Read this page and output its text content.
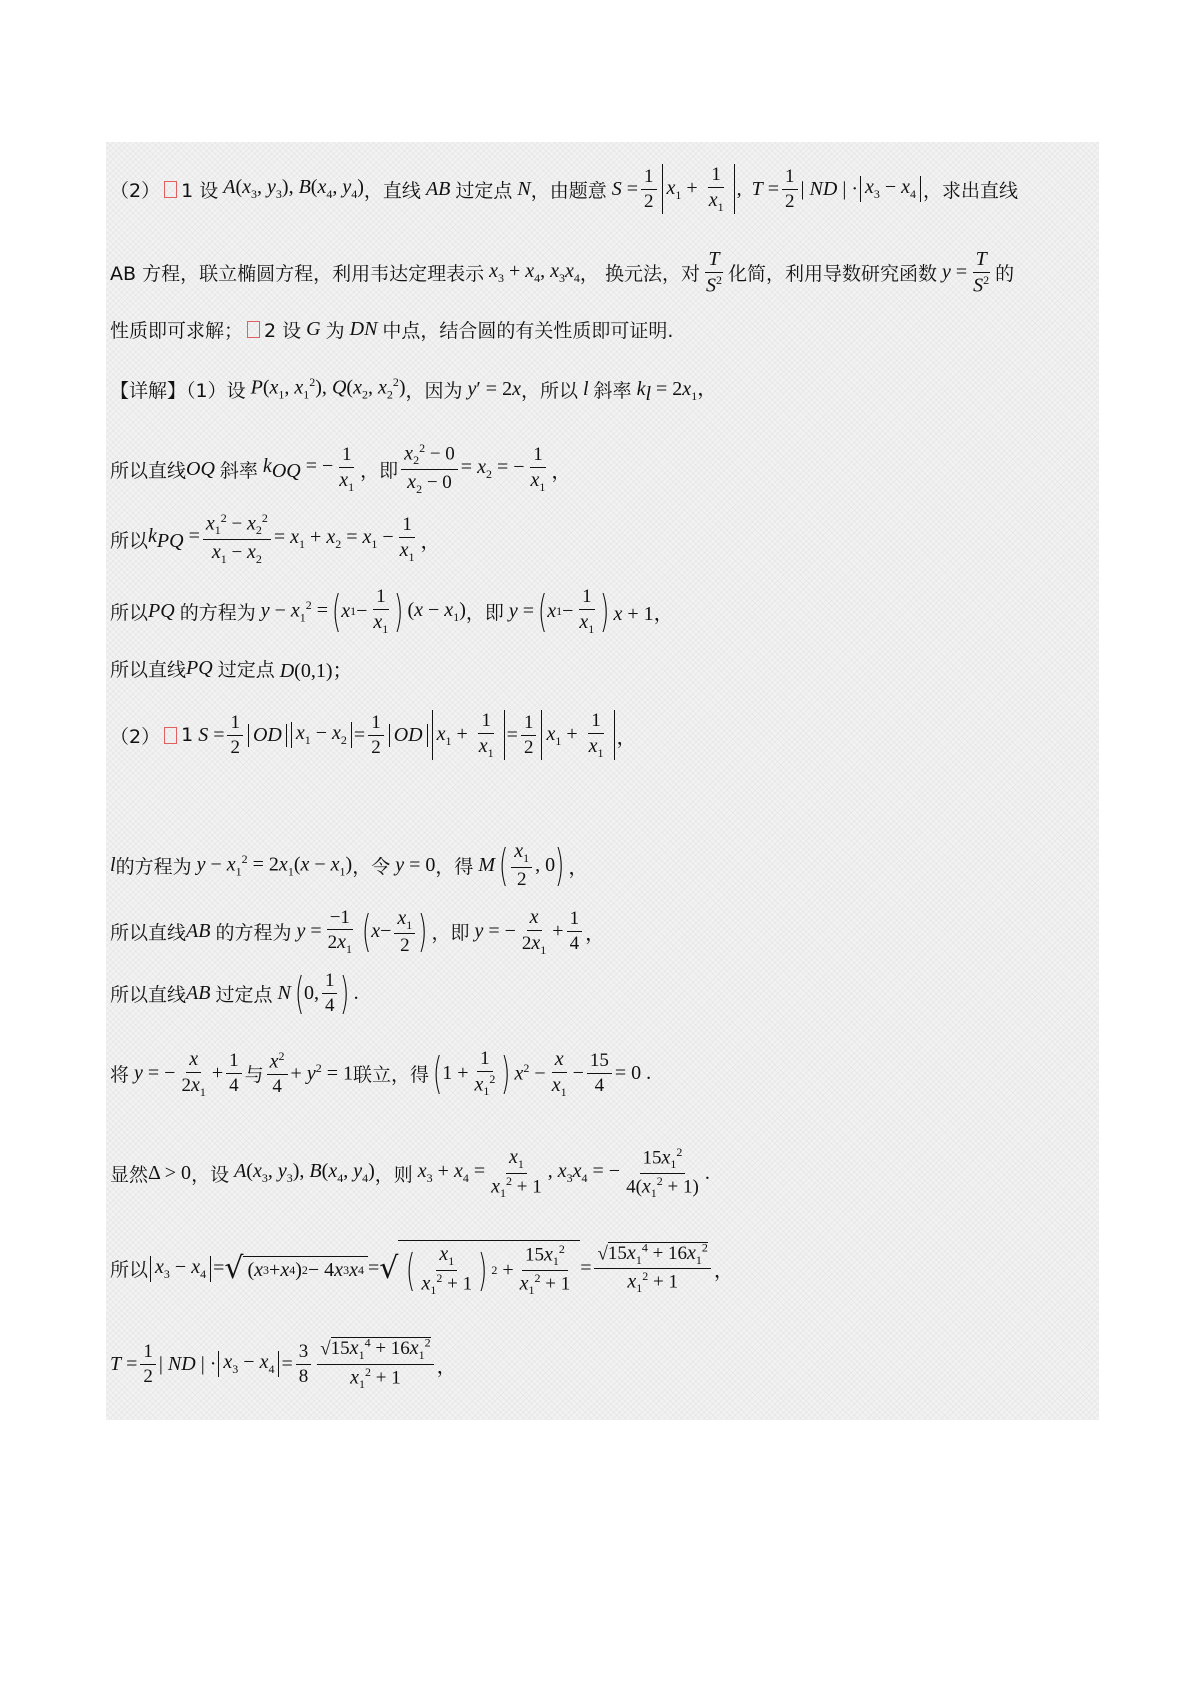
（2） 1 设 $A(x_3$, $y_3$), $B(x_4$, $y_4$) ，直线 AB 过定点 N ，由题意 $S = \frac{1}{2} x_1 + \frac{1}{x_1}$ ,  $T = \frac{1}{2}$ | ND | · $x_3 - x_4$ ，求出直线
AB 方程，联立椭圆方程，利用韦达定理表示 $x_3 + x_4$, $x_3x_4$ ， 换元法，对 $\frac{T}{S^2}$ 化简，利用导数研究函数 $y = \frac{T}{S^2}$ 的
性质即可求解； 2 设 G 为 DN 中点，结合圆的有关性质即可证明.
【详解】（1）设 $P(x_1$, $x_1^2$), $Q(x_2$, $x_2^2$) ，因为 y′ = 2x ，所以 l 斜率 $k_l = 2x_1$，
所以直线 OQ 斜率 $k_{OQ}$ = − $\frac{1}{x_1}$ ，即 $\frac{x_2^2 - 0}{x_2 - 0} = x_2$ = − $\frac{1}{x_1}$ ，
所以 $k_{PQ} = \frac{x_1^2 - x_2^2}{x_1 - x_2} = x_1 + x_2 = x_1 - \frac{1}{x_1}$ ，
所以 PQ 的方程为 $y - x_1^2$ = ( x $1 - \frac{1}{x_1}$
) $(x - x_1)$ ，即 y = ( x $1 - \frac{1}{x_1}$
) x + 1，
所以直线 PQ 过定点 D(0,1)；
（2） 1 $S = \frac{1}{2}$ OD $x_1 - x_2 = \frac{1}{2}$ OD $x_1 + \frac{1}{x_1} = \frac{1}{2} x_1 + \frac{1}{x_1}$ ，
l 的方程为 $y - x_1^2 = 2x_1(x - x_1)$ ，令 y = 0 ，得 M ( $\frac{x_1}{2}$ , 0 ) ，
所以直线 AB 的方程为 $y = \frac{-1}{2x_1}$ ( $x - \frac{x_1}{2}$
) ，即 y = − $\frac{x}{2x_1} + \frac{1}{4}$ ，
所以直线 AB 过定点 N ( 0, $\frac{1}{4}$
) .
将 y = − $\frac{x}{2x_1} + \frac{1}{4}$ 与 $\frac{x^2}{4} + y^2 = 1$ 联立，得 ( $1 + \frac{1}{x_1^2}$
) $x^2 - \frac{x}{x_1} - \frac{15}{4} = 0$ .
显然 Δ > 0 ，设 $A(x_3$, $y_3$), $B(x_4$, $y_4$) ，则 $x_3 + x_4 = \frac{x_1}{x_1^2 + 1}$ , $x_3x_4$ = − $\frac{15x_1^2}{4(x_1^2 + 1)}$ .
所以 $x_3 - x_4$ = √ ( x 3 + x 4 ) 2 − 4 x 3 x 4 = √ ( $\frac{x_1}{x_1^2 + 1}$
) $2 + \frac{15x_1^2}{x_1^2 + 1} = \frac{√15x_1^4 + 16x_1^2}{x_1^2 + 1}$ ，
$T = \frac{1}{2}$ | ND | · $x_3 - x_4 = \frac{3}{8} \frac{√15x_1^4 + 16x_1^2}{x_1^2 + 1}$ ，
